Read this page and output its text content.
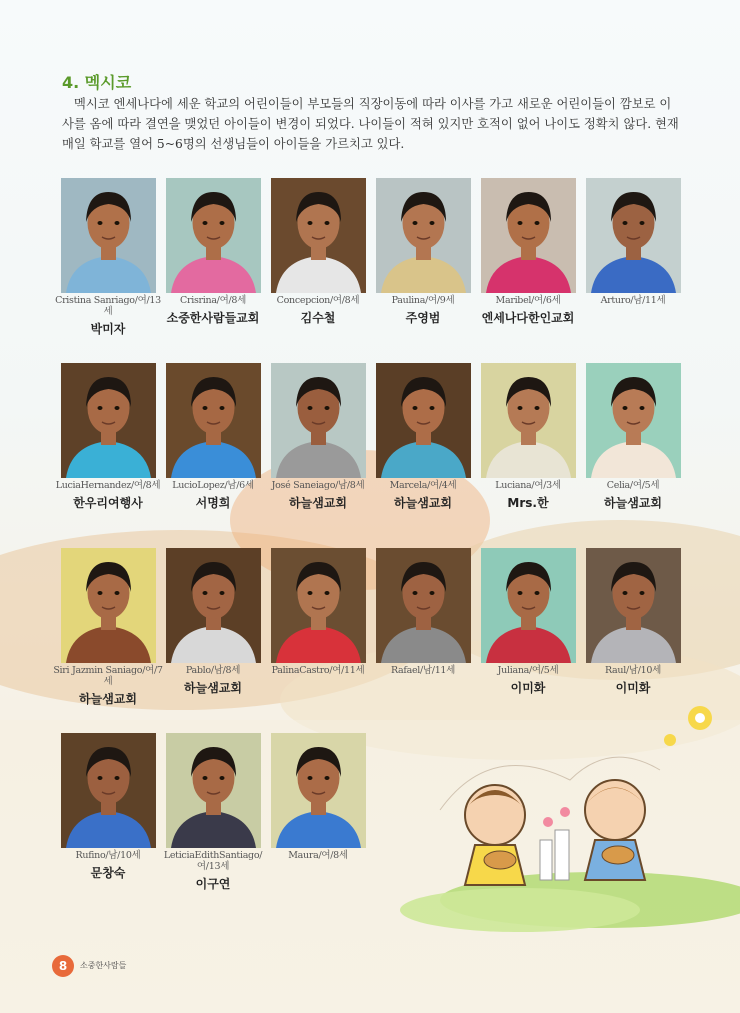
4. 멕시코
멕시코 엔세나다에 세운 학교의 어린이들이 부모들의 직장이동에 따라 이사를 가고 새로운 어린이들이 깜보로 이사를 옴에 따라 결연을 맺었던 아이들이 변경이 되었다. 나이들이 적혀 있지만 호적이 없어 나이도 정확치 않다. 현재 매일 학교를 열어 5~6명의 선생님들이 아이들을 가르치고 있다.
Cristina Sanriago/여/13세
박미자
Crisrina/여/8세
소중한사람들교회
Concepcion/여/8세
김수철
Paulina/여/9세
주영범
Maribel/여/6세
엔세나다한인교회
Arturo/남/11세
LuciaHernandez/여/8세
한우리여행사
LucioLopez/남/6세
서명희
José Saneiago/남/8세
하늘샘교회
Marcela/여/4세
하늘샘교회
Luciana/여/3세
Mrs.한
Celia/여/5세
하늘샘교회
Siri Jazmin Saniago/여/7세
하늘샘교회
Pablo/남/8세
하늘샘교회
PalinaCastro/여/11세	Rafael/남/11세	Juliana/여/5세
이미화
Raul/남/10세
이미화
Rufino/남/10세
문창숙
LeticiaEdithSantiago/여/13세
이구연
Maura/여/8세
8	소중한사람들
